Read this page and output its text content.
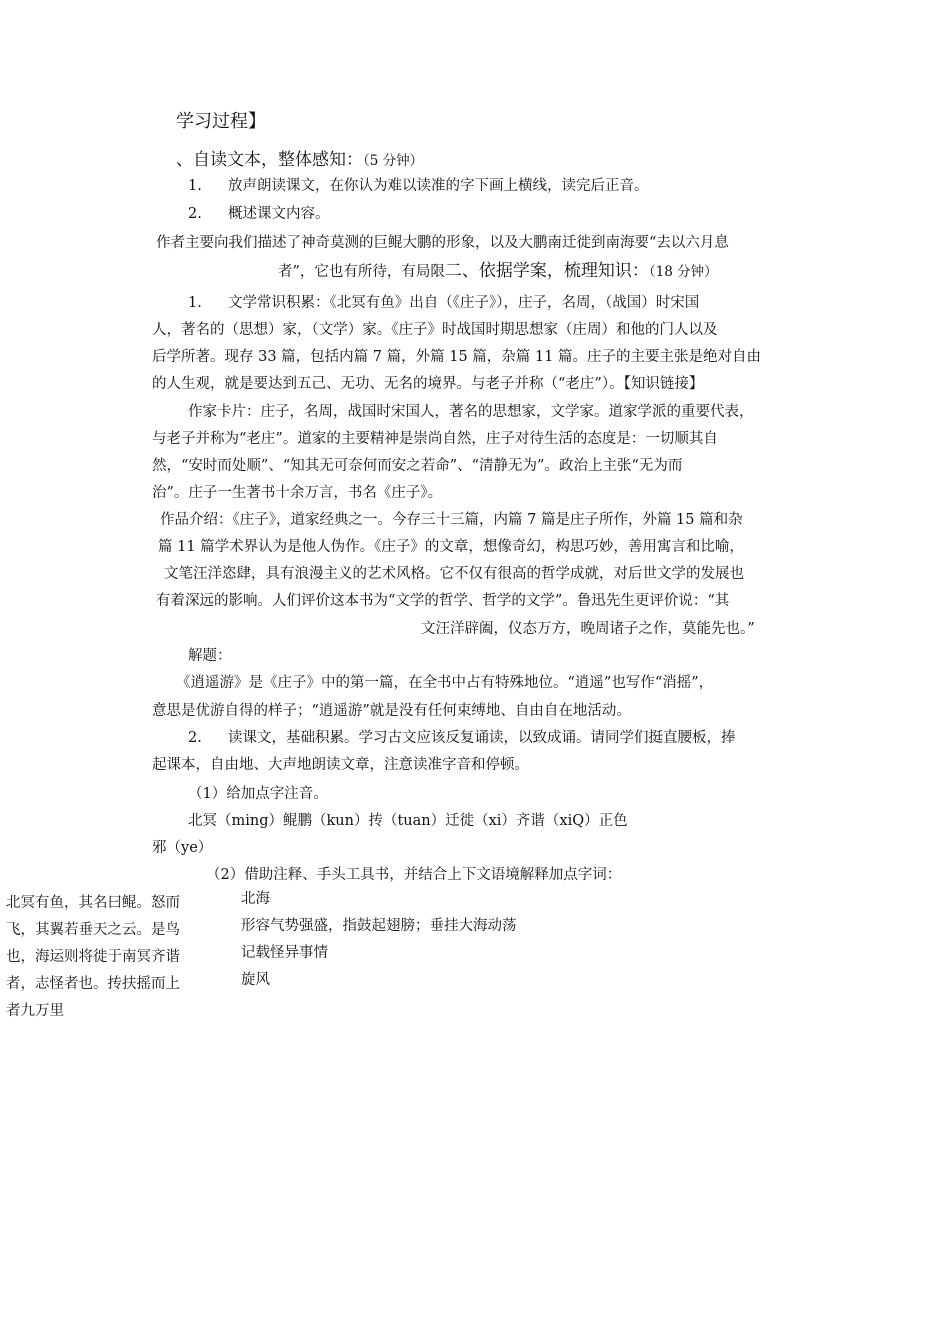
学习过程】
、自读文本，整体感知：（5 分钟）
1. 放声朗读课文，在你认为难以读准的字下画上横线，读完后正音。
2. 概述课文内容。
作者主要向我们描述了神奇莫测的巨鲲大鹏的形象，以及大鹏南迁徙到南海要“去以六月息
者”，它也有所待，有局限二、依据学案，梳理知识：（18 分钟）
1. 文学常识积累：《北冥有鱼》出自（《庄子》），庄子，名周，（战国）时宋国
人，著名的（思想）家，（文学）家。《庄子》时战国时期思想家（庄周）和他的门人以及
后学所著。现存 33 篇，包括内篇 7 篇，外篇 15 篇，杂篇 11 篇。庄子的主要主张是绝对自由
的人生观，就是要达到五己、无功、无名的境界。与老子并称（“老庄”）。【知识链接】
作家卡片：庄子，名周，战国时宋国人，著名的思想家，文学家。道家学派的重要代表，
与老子并称为“老庄”。道家的主要精神是崇尚自然，庄子对待生活的态度是：一切顺其自
然，“安时而处顺”、“知其无可奈何而安之若命”、“清静无为”。政治上主张“无为而
治”。庄子一生著书十余万言，书名《庄子》。
作品介绍：《庄子》，道家经典之一。今存三十三篇，内篇 7 篇是庄子所作，外篇 15 篇和杂
篇 11 篇学术界认为是他人伪作。《庄子》的文章，想像奇幻，构思巧妙，善用寓言和比喻，
文笔汪洋恣肆，具有浪漫主义的艺术风格。它不仅有很高的哲学成就，对后世文学的发展也
有着深远的影响。人们评价这本书为“文学的哲学、哲学的文学”。鲁迅先生更评价说：“其
文汪洋辟阖，仪态万方，晚周诸子之作，莫能先也。”
解题：
《逍遥游》是《庄子》中的第一篇，在全书中占有特殊地位。“逍遥”也写作“消摇”，
意思是优游自得的样子；“逍遥游”就是没有任何束缚地、自由自在地活动。
2. 读课文，基础积累。学习古文应该反复诵读，以致成诵。请同学们挺直腰板，捧
起课本，自由地、大声地朗读文章，注意读准字音和停顿。
（1）给加点字注音。
北冥（ming）鲲鹏（kun）抟（tuan）迁徙（xi）齐谐（xiQ）正色
邪（ye）
（2）借助注释、手头工具书，并结合上下文语境解释加点字词：
北冥有鱼，其名曰鲲。怒而
飞，其翼若垂天之云。是鸟
也，海运则将徙于南冥齐谐
者，志怪者也。抟扶摇而上
者九万里
北海
形容气势强盛，指鼓起翅膀；垂挂大海动荡
记载怪异事情
旋风
